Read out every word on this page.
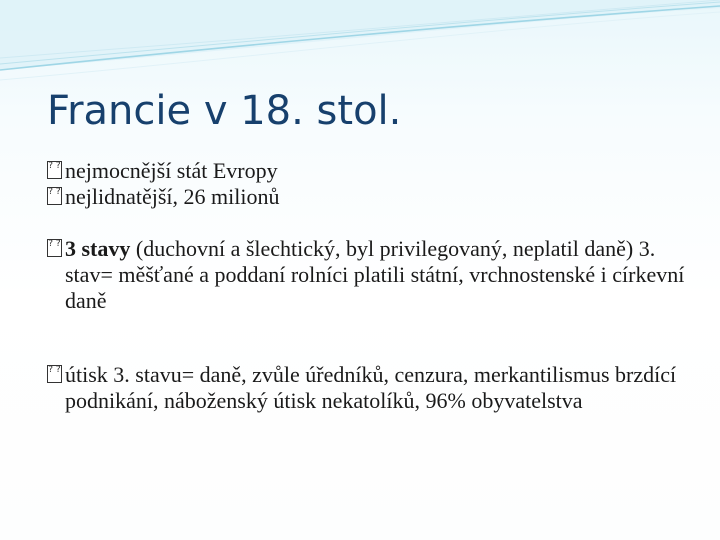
Francie v 18. stol.
? ? nejmocnější stát Evropy
? ? nejlidnatější, 26 milionů
? ? 3 stavy (duchovní a šlechtický, byl privilegovaný, neplatil daně) 3. stav= měšťané a poddaní rolníci platili státní, vrchnostenské i církevní daně
? ? útisk 3. stavu= daně, zvůle úředníků, cenzura, merkantilismus brzdící podnikání, náboženský útisk nekatolíků, 96% obyvatelstva
